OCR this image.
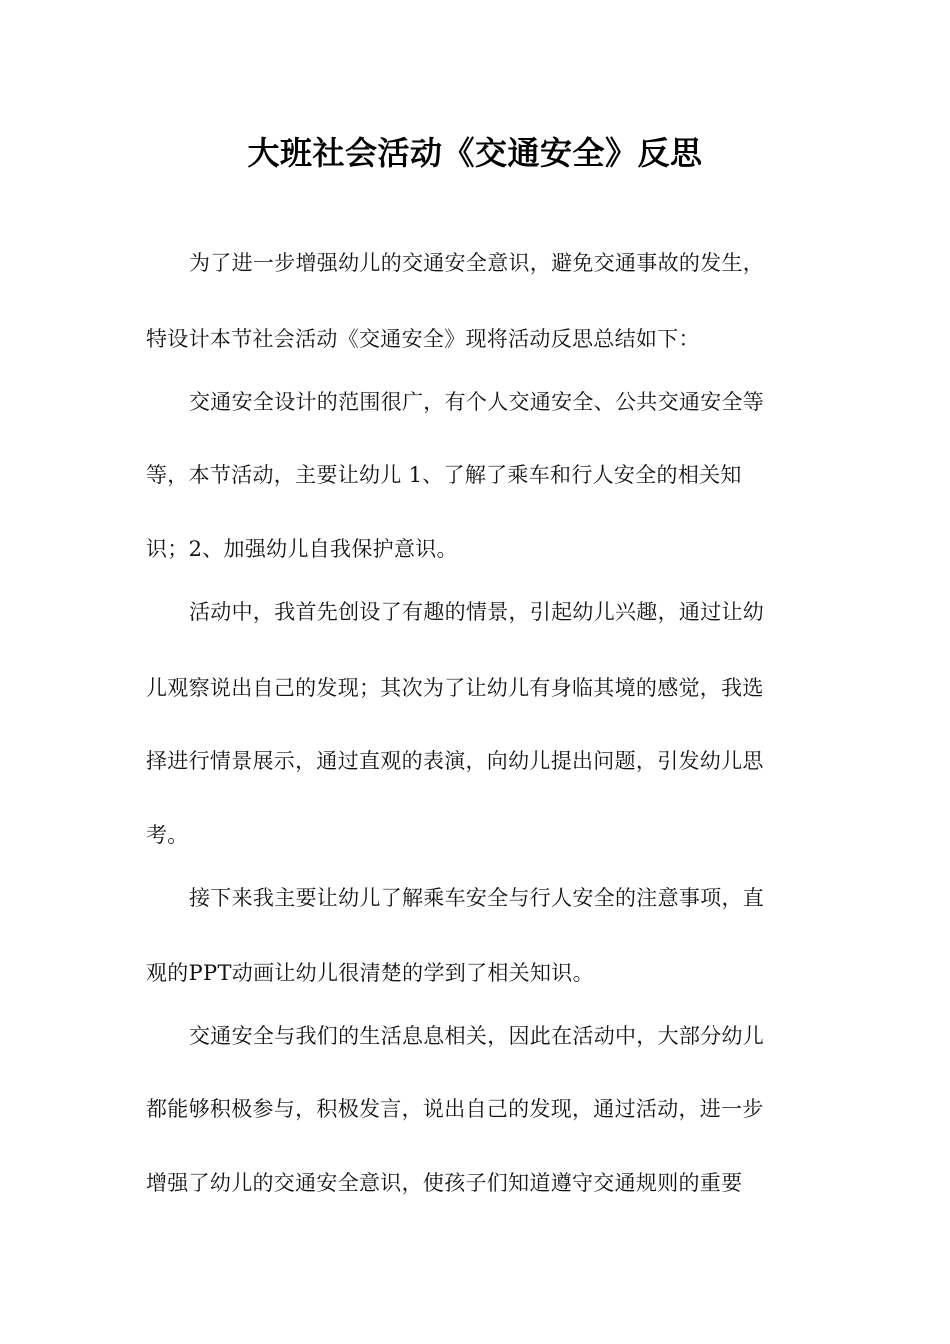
大班社会活动《交通安全》反思
为了进一步增强幼儿的交通安全意识，避免交通事故的发生，
特设计本节社会活动《交通安全》现将活动反思总结如下：
交通安全设计的范围很广，有个人交通安全、公共交通安全等
等，本节活动，主要让幼儿 1、了解了乘车和行人安全的相关知
识；2、加强幼儿自我保护意识。
活动中，我首先创设了有趣的情景，引起幼儿兴趣，通过让幼
儿观察说出自己的发现；其次为了让幼儿有身临其境的感觉，我选
择进行情景展示，通过直观的表演，向幼儿提出问题，引发幼儿思
考。
接下来我主要让幼儿了解乘车安全与行人安全的注意事项，直
观的PPT动画让幼儿很清楚的学到了相关知识。
交通安全与我们的生活息息相关，因此在活动中，大部分幼儿
都能够积极参与，积极发言，说出自己的发现，通过活动，进一步
增强了幼儿的交通安全意识，使孩子们知道遵守交通规则的重要
